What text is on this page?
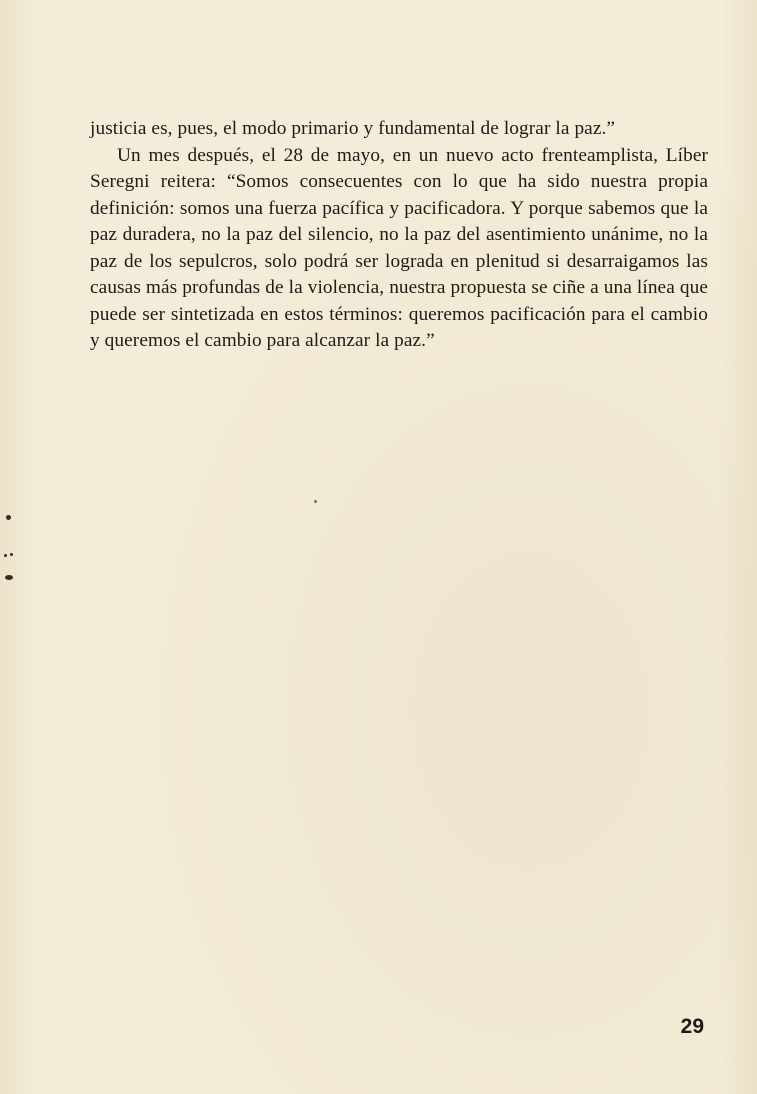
justicia es, pues, el modo primario y fundamental de lograr la paz.”

Un mes después, el 28 de mayo, en un nuevo acto frenteamplista, Líber Seregni reitera: “Somos consecuentes con lo que ha sido nuestra propia definición: somos una fuerza pacífica y pacificadora. Y porque sabemos que la paz duradera, no la paz del silencio, no la paz del asentimiento unánime, no la paz de los sepulcros, solo podrá ser lograda en plenitud si desarraigamos las causas más profundas de la violencia, nuestra propuesta se ciñe a una línea que puede ser sintetizada en estos términos: queremos pacificación para el cambio y queremos el cambio para alcanzar la paz.”

29
